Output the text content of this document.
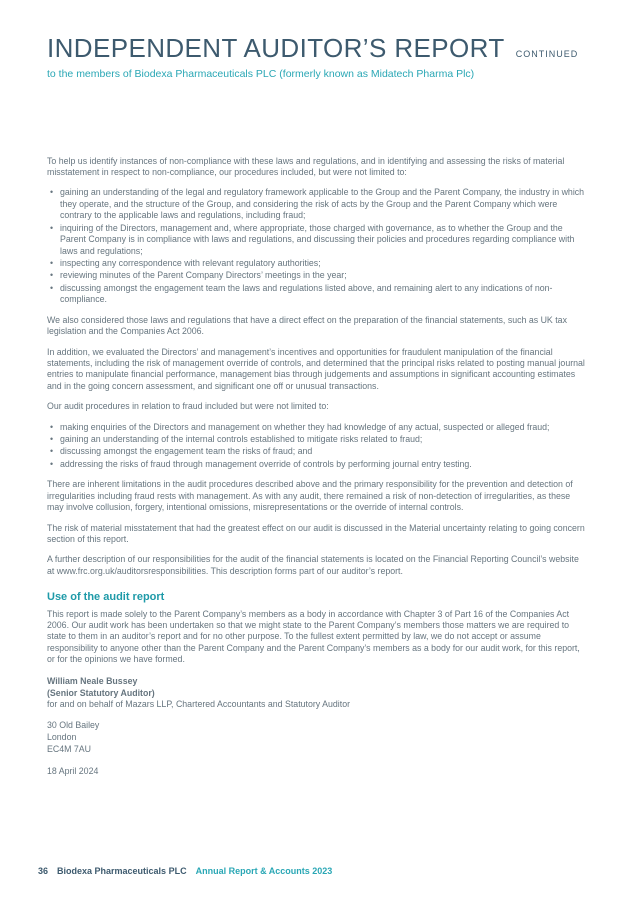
INDEPENDENT AUDITOR’S REPORT CONTINUED
to the members of Biodexa Pharmaceuticals PLC (formerly known as Midatech Pharma Plc)

To help us identify instances of non-compliance with these laws and regulations, and in identifying and assessing the risks of material misstatement in respect to non-compliance, our procedures included, but were not limited to:

• gaining an understanding of the legal and regulatory framework applicable to the Group and the Parent Company, the industry in which they operate, and the structure of the Group, and considering the risk of acts by the Group and the Parent Company which were contrary to the applicable laws and regulations, including fraud;
• inquiring of the Directors, management and, where appropriate, those charged with governance, as to whether the Group and the Parent Company is in compliance with laws and regulations, and discussing their policies and procedures regarding compliance with laws and regulations;
• inspecting any correspondence with relevant regulatory authorities;
• reviewing minutes of the Parent Company Directors’ meetings in the year;
• discussing amongst the engagement team the laws and regulations listed above, and remaining alert to any indications of non-compliance.

We also considered those laws and regulations that have a direct effect on the preparation of the financial statements, such as UK tax legislation and the Companies Act 2006.

In addition, we evaluated the Directors’ and management’s incentives and opportunities for fraudulent manipulation of the financial statements, including the risk of management override of controls, and determined that the principal risks related to posting manual journal entries to manipulate financial performance, management bias through judgements and assumptions in significant accounting estimates and in the going concern assessment, and significant one off or unusual transactions.

Our audit procedures in relation to fraud included but were not limited to:

• making enquiries of the Directors and management on whether they had knowledge of any actual, suspected or alleged fraud;
• gaining an understanding of the internal controls established to mitigate risks related to fraud;
• discussing amongst the engagement team the risks of fraud; and
• addressing the risks of fraud through management override of controls by performing journal entry testing.

There are inherent limitations in the audit procedures described above and the primary responsibility for the prevention and detection of irregularities including fraud rests with management. As with any audit, there remained a risk of non-detection of irregularities, as these may involve collusion, forgery, intentional omissions, misrepresentations or the override of internal controls.

The risk of material misstatement that had the greatest effect on our audit is discussed in the Material uncertainty relating to going concern section of this report.

A further description of our responsibilities for the audit of the financial statements is located on the Financial Reporting Council’s website at www.frc.org.uk/auditorsresponsibilities. This description forms part of our auditor’s report.

Use of the audit report

This report is made solely to the Parent Company’s members as a body in accordance with Chapter 3 of Part 16 of the Companies Act 2006. Our audit work has been undertaken so that we might state to the Parent Company’s members those matters we are required to state to them in an auditor’s report and for no other purpose. To the fullest extent permitted by law, we do not accept or assume responsibility to anyone other than the Parent Company and the Parent Company’s members as a body for our audit work, for this report, or for the opinions we have formed.

William Neale Bussey
(Senior Statutory Auditor)
for and on behalf of Mazars LLP, Chartered Accountants and Statutory Auditor
30 Old Bailey
London
EC4M 7AU
18 April 2024
36 Biodexa Pharmaceuticals PLC Annual Report & Accounts 2023
